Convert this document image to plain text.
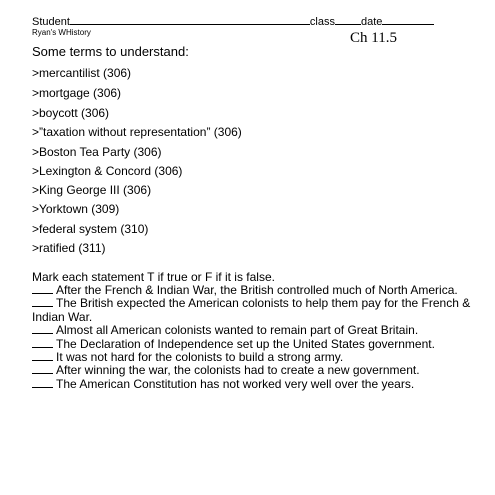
Student	class date
Ryan's WHistory	Ch 11.5
Some terms to understand:
>mercantilist (306)
>mortgage (306)
>boycott (306)
>”taxation without representation” (306)
>Boston Tea Party (306)
>Lexington & Concord (306)
>King George III (306)
>Yorktown (309)
>federal system (310)
>ratified (311)
Mark each statement T if true or F if it is false.

After the French & Indian War, the British controlled much of North America.

The British expected the American colonists to help them pay for the French & Indian War.

Almost all American colonists wanted to remain part of Great Britain.

The Declaration of Independence set up the United States government.

It was not hard for the colonists to build a strong army.

After winning the war, the colonists had to create a new government.

The American Constitution has not worked very well over the years.
